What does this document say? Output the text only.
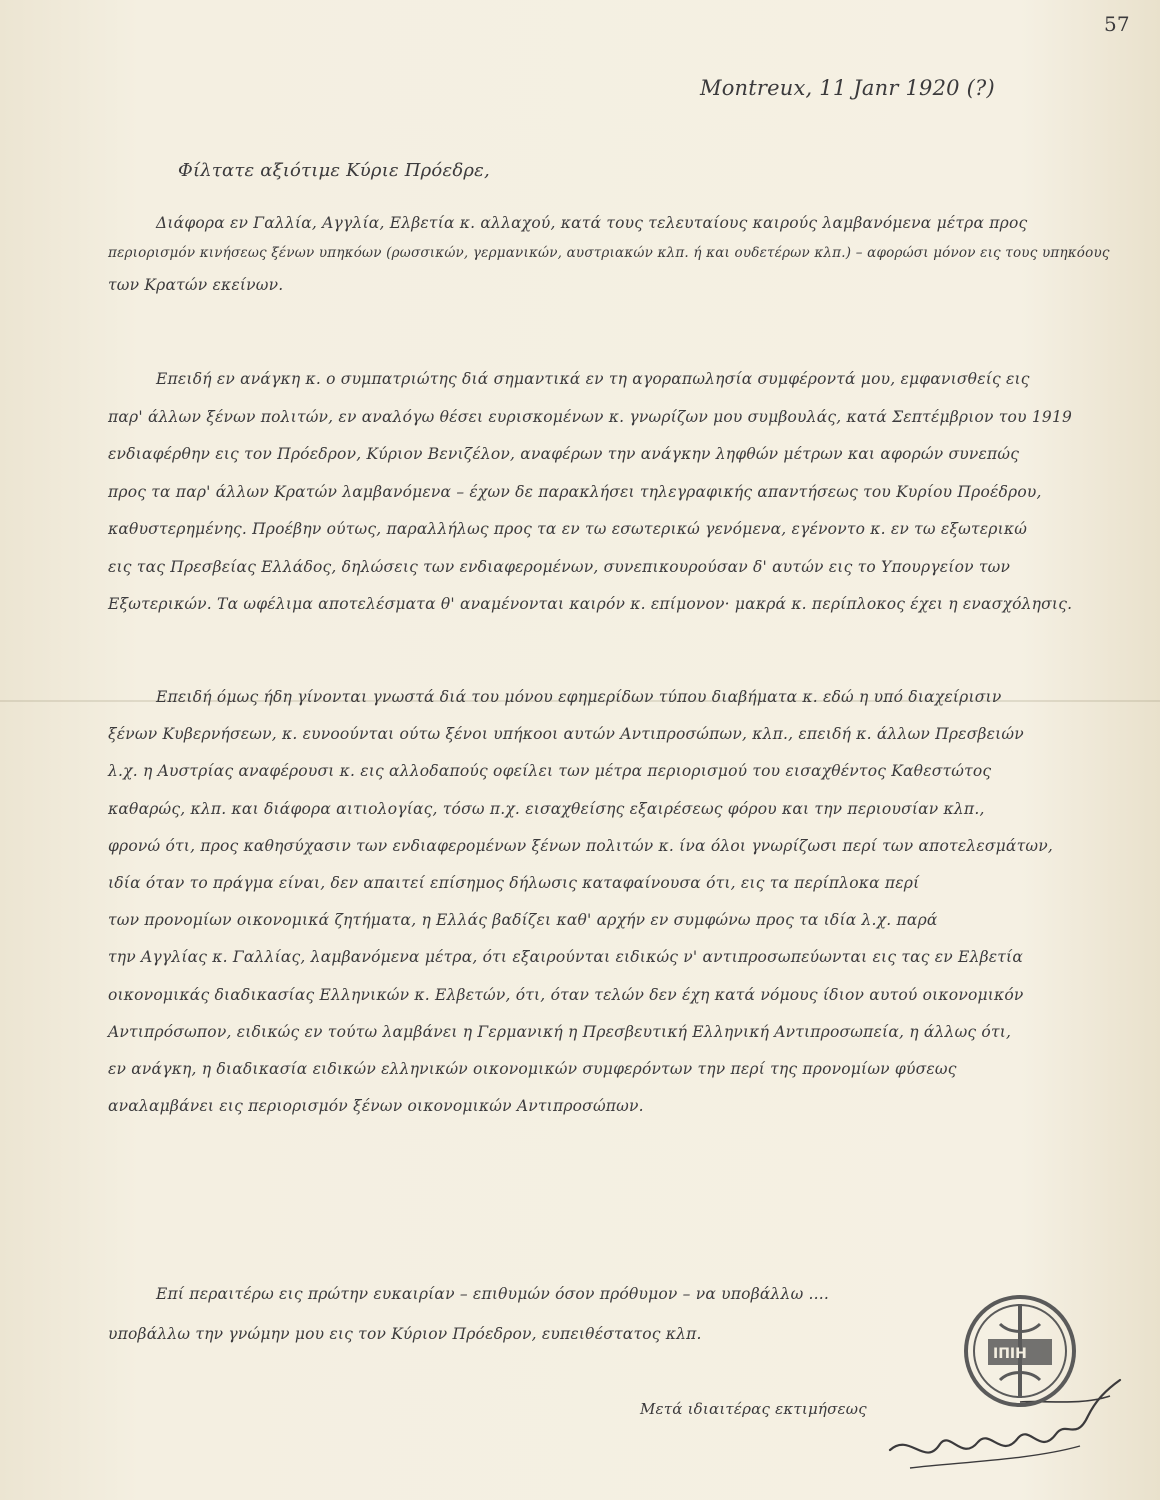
57
Montreux, 11 Janr 1920 (?)
Φίλτατε αξιότιμε Κύριε Πρόεδρε,
Διάφορα εν Γαλλία, Αγγλία, Ελβετία κ. αλλαχού, κατά τους τελευταίους καιρούς λαμβανόμενα μέτρα προς
περιορισμόν κινήσεως ξένων υπηκόων (ρωσσικών, γερμανικών, αυστριακών κλπ. ή και ουδετέρων κλπ.) – αφορώσι μόνον εις τους υπηκόους
των Κρατών εκείνων.
Επειδή εν ανάγκη κ. ο συμπατριώτης διά σημαντικά εν τη αγοραπωλησία συμφέροντά μου, εμφανισθείς εις
παρ' άλλων ξένων πολιτών, εν αναλόγω θέσει ευρισκομένων κ. γνωρίζων μου συμβουλάς, κατά Σεπτέμβριον του 1919
ενδιαφέρθην εις τον Πρόεδρον, Κύριον Βενιζέλον, αναφέρων την ανάγκην ληφθών μέτρων και αφορών συνεπώς
προς τα παρ' άλλων Κρατών λαμβανόμενα – έχων δε παρακλήσει τηλεγραφικής απαντήσεως του Κυρίου Προέδρου,
καθυστερημένης. Προέβην ούτως, παραλλήλως προς τα εν τω εσωτερικώ γενόμενα, εγένοντο κ. εν τω εξωτερικώ
εις τας Πρεσβείας Ελλάδος, δηλώσεις των ενδιαφερομένων, συνεπικουρούσαν δ' αυτών εις το Υπουργείον των
Εξωτερικών. Τα ωφέλιμα αποτελέσματα θ' αναμένονται καιρόν κ. επίμονον· μακρά κ. περίπλοκος έχει η ενασχόλησις.
Επειδή όμως ήδη γίνονται γνωστά διά του μόνου εφημερίδων τύπου διαβήματα κ. εδώ η υπό διαχείρισιν
ξένων Κυβερνήσεων, κ. ευνοούνται ούτω ξένοι υπήκοοι αυτών Αντιπροσώπων, κλπ., επειδή κ. άλλων Πρεσβειών
λ.χ. η Αυστρίας αναφέρουσι κ. εις αλλοδαπούς οφείλει των μέτρα περιορισμού του εισαχθέντος Καθεστώτος
καθαρώς, κλπ. και διάφορα αιτιολογίας, τόσω π.χ. εισαχθείσης εξαιρέσεως φόρου και την περιουσίαν κλπ.,
φρονώ ότι, προς καθησύχασιν των ενδιαφερομένων ξένων πολιτών κ. ίνα όλοι γνωρίζωσι περί των αποτελεσμάτων,
ιδία όταν το πράγμα είναι, δεν απαιτεί επίσημος δήλωσις καταφαίνουσα ότι, εις τα περίπλοκα περί
των προνομίων οικονομικά ζητήματα, η Ελλάς βαδίζει καθ' αρχήν εν συμφώνω προς τα ιδία λ.χ. παρά
την Αγγλίας κ. Γαλλίας, λαμβανόμενα μέτρα, ότι εξαιρούνται ειδικώς ν' αντιπροσωπεύωνται εις τας εν Ελβετία
οικονομικάς διαδικασίας Ελληνικών κ. Ελβετών, ότι, όταν τελών δεν έχη κατά νόμους ίδιον αυτού οικονομικόν
Αντιπρόσωπον, ειδικώς εν τούτω λαμβάνει η Γερμανική η Πρεσβευτική Ελληνική Αντιπροσωπεία, η άλλως ότι,
εν ανάγκη, η διαδικασία ειδικών ελληνικών οικονομικών συμφερόντων την περί της προνομίων φύσεως
αναλαμβάνει εις περιορισμόν ξένων οικονομικών Αντιπροσώπων.
Επί περαιτέρω εις πρώτην ευκαιρίαν – επιθυμών όσον πρόθυμον – να υποβάλλω ....
υποβάλλω την γνώμην μου εις τον Κύριον Πρόεδρον, ευπειθέστατος κλπ.
Μετά ιδιαιτέρας εκτιμήσεως
Ν. Καλογερόπουλος
ΙΠΙΗ
